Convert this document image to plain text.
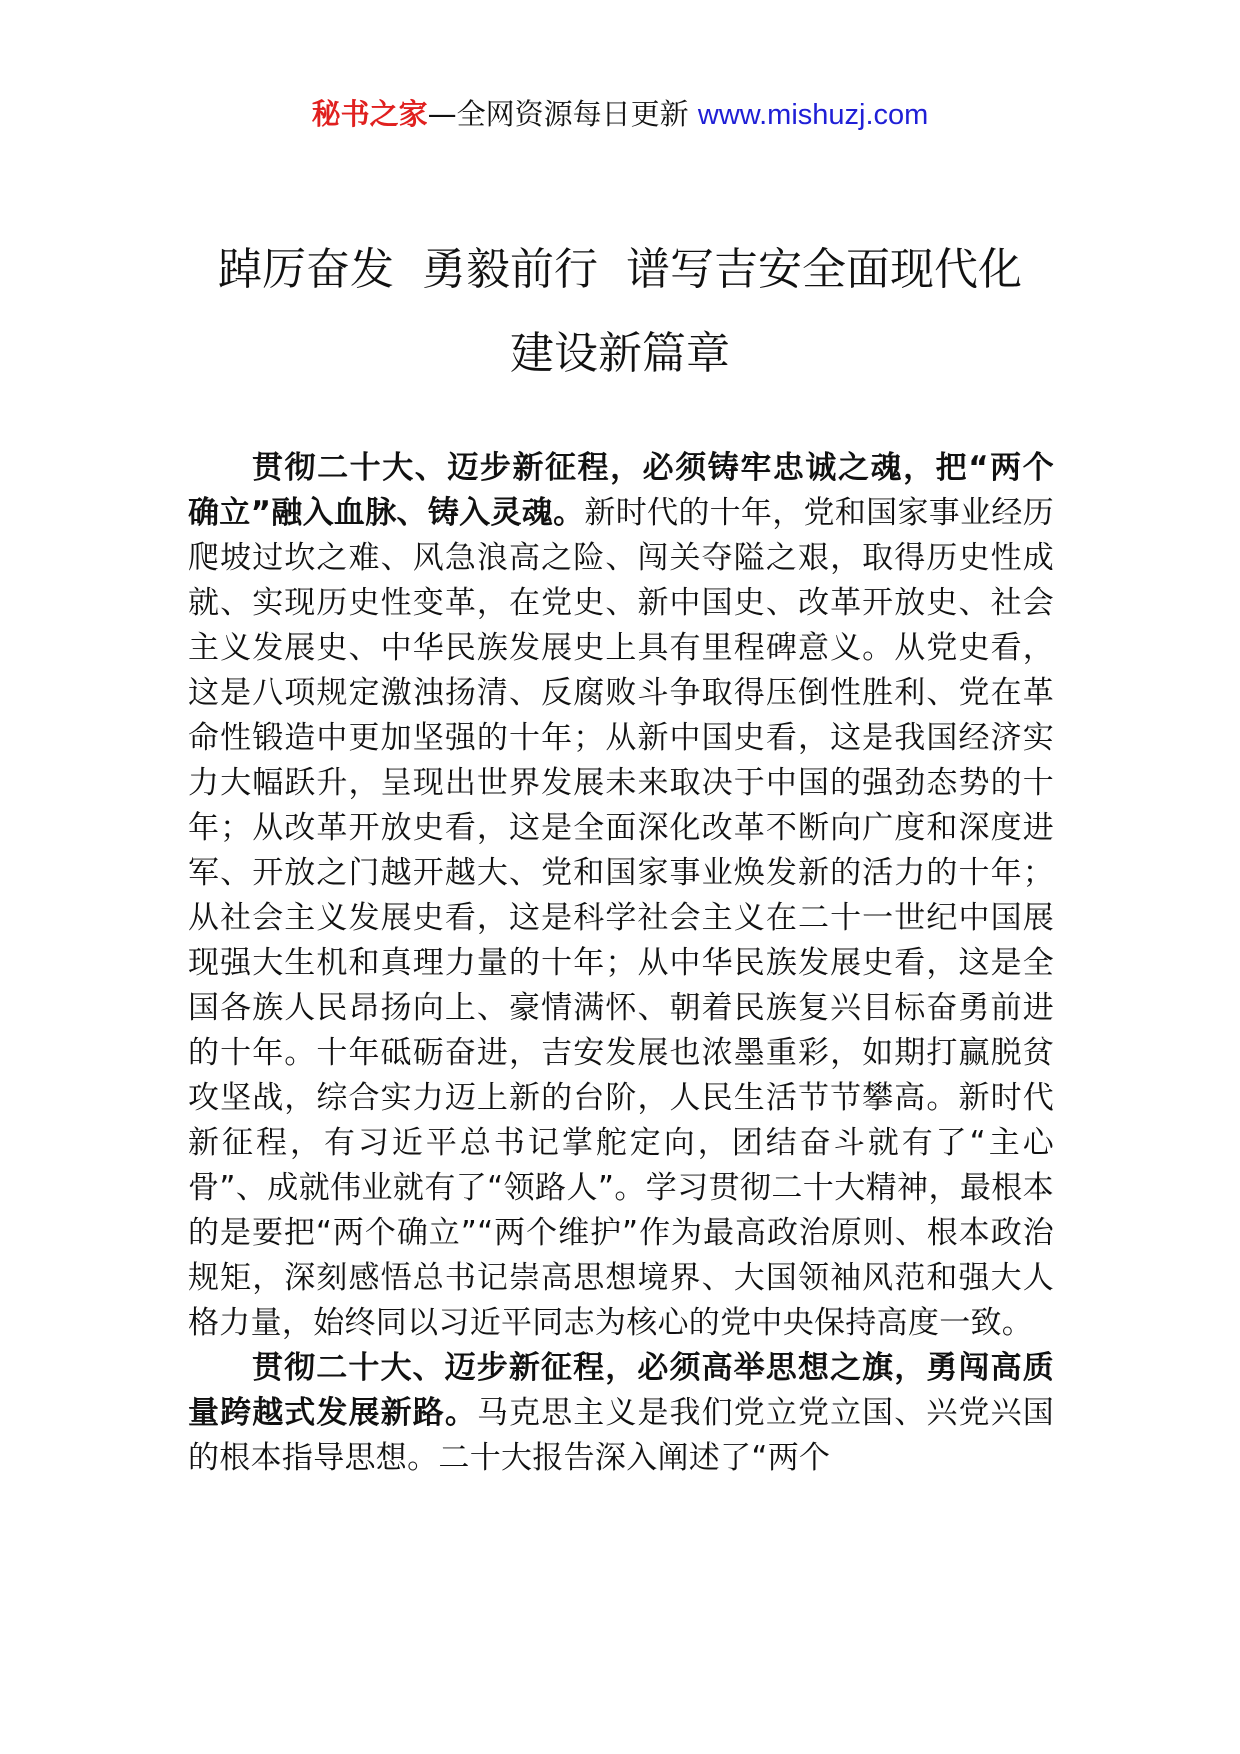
秘书之家—全网资源每日更新 www.mishuzj.com
踔厉奋发  勇毅前行  谱写吉安全面现代化
建设新篇章

贯彻二十大、迈步新征程，必须铸牢忠诚之魂，把“两个确立”融入血脉、铸入灵魂。新时代的十年，党和国家事业经历爬坡过坎之难、风急浪高之险、闯关夺隘之艰，取得历史性成就、实现历史性变革，在党史、新中国史、改革开放史、社会主义发展史、中华民族发展史上具有里程碑意义。从党史看，这是八项规定激浊扬清、反腐败斗争取得压倒性胜利、党在革命性锻造中更加坚强的十年；从新中国史看，这是我国经济实力大幅跃升，呈现出世界发展未来取决于中国的强劲态势的十年；从改革开放史看，这是全面深化改革不断向广度和深度进军、开放之门越开越大、党和国家事业焕发新的活力的十年；从社会主义发展史看，这是科学社会主义在二十一世纪中国展现强大生机和真理力量的十年；从中华民族发展史看，这是全国各族人民昂扬向上、豪情满怀、朝着民族复兴目标奋勇前进的十年。十年砥砺奋进，吉安发展也浓墨重彩，如期打赢脱贫攻坚战，综合实力迈上新的台阶，人民生活节节攀高。新时代新征程，有习近平总书记掌舵定向，团结奋斗就有了“主心骨”、成就伟业就有了“领路人”。学习贯彻二十大精神，最根本的是要把“两个确立”“两个维护”作为最高政治原则、根本政治规矩，深刻感悟总书记崇高思想境界、大国领袖风范和强大人格力量，始终同以习近平同志为核心的党中央保持高度一致。

贯彻二十大、迈步新征程，必须高举思想之旗，勇闯高质量跨越式发展新路。马克思主义是我们党立党立国、兴党兴国的根本指导思想。二十大报告深入阐述了“两个
